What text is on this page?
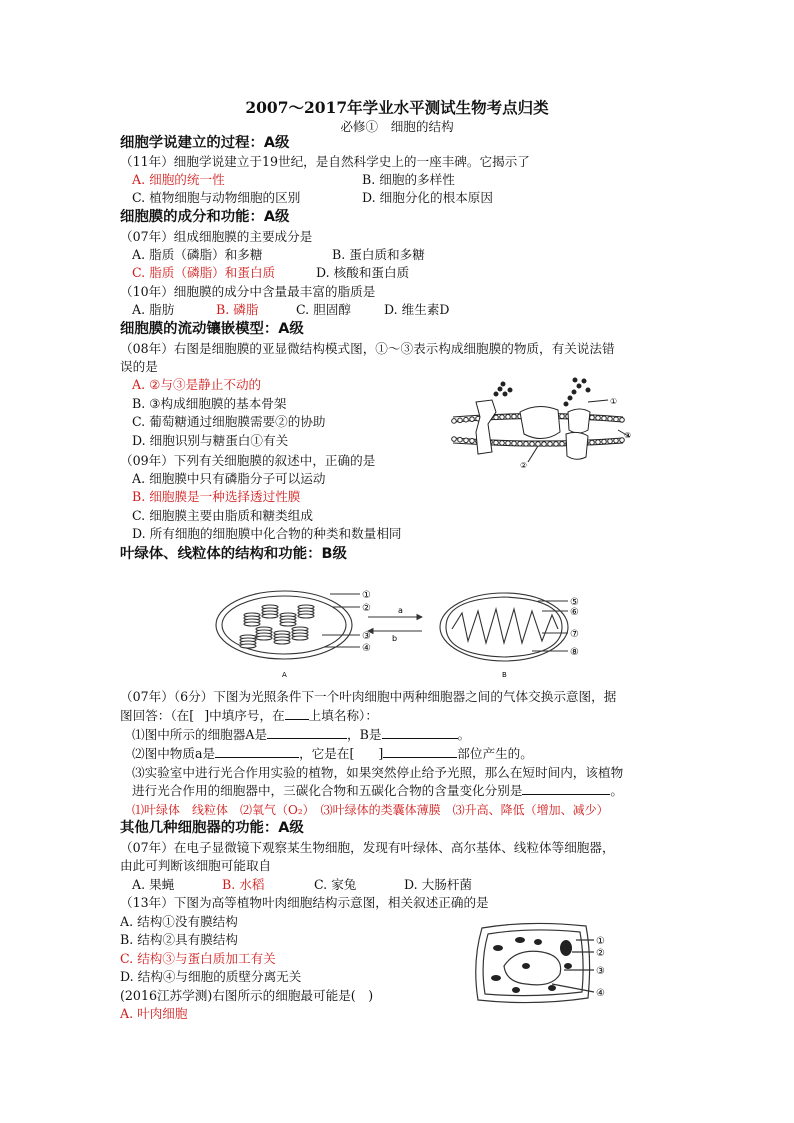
2007～2017年学业水平测试生物考点归类
必修①　细胞的结构
细胞学说建立的过程：A级
（11年）细胞学说建立于19世纪，是自然科学史上的一座丰碑。它揭示了
A. 细胞的统一性	B. 细胞的多样性
C. 植物细胞与动物细胞的区别	D. 细胞分化的根本原因
细胞膜的成分和功能：A级
（07年）组成细胞膜的主要成分是
A. 脂质（磷脂）和多糖	B. 蛋白质和多糖
C. 脂质（磷脂）和蛋白质	D. 核酸和蛋白质
（10年）细胞膜的成分中含量最丰富的脂质是
A. 脂肪	B. 磷脂	C. 胆固醇	D. 维生素D
细胞膜的流动镶嵌模型：A级
（08年）右图是细胞膜的亚显微结构模式图，①～③表示构成细胞膜的物质，有关说法错
误的是
A. ②与③是静止不动的
B. ③构成细胞膜的基本骨架
C. 葡萄糖通过细胞膜需要②的协助
D. 细胞识别与糖蛋白①有关
（09年）下列有关细胞膜的叙述中，正确的是
A. 细胞膜中只有磷脂分子可以运动
B. 细胞膜是一种选择透过性膜
C. 细胞膜主要由脂质和糖类组成
D. 所有细胞的细胞膜中化合物的种类和数量相同
①
③
②
叶绿体、线粒体的结构和功能：B级
①
②
③
④
⑤
⑥
⑦
⑧
a
b
A	B
（07年）（6分）下图为光照条件下一个叶肉细胞中两种细胞器之间的气体交换示意图，据
图回答：（在[ ]中填序号，在 上填名称）：
⑴图中所示的细胞器A是	，B是	。
⑵图中物质a是	，它是在[ ]	部位产生的。
⑶实验室中进行光合作用实验的植物，如果突然停止给予光照，那么在短时间内，该植物
进行光合作用的细胞器中，三碳化合物和五碳化合物的含量变化分别是	。
⑴叶绿体　线粒体　⑵氧气（O₂）　⑶叶绿体的类囊体薄膜　⑶升高、降低（增加、减少）
其他几种细胞器的功能：A级
（07年）在电子显微镜下观察某生物细胞，发现有叶绿体、高尔基体、线粒体等细胞器，
由此可判断该细胞可能取自
A. 果蝇	B. 水稻	C. 家兔	D. 大肠杆菌
（13年）下图为高等植物叶肉细胞结构示意图，相关叙述正确的是
A. 结构①没有膜结构
B. 结构②具有膜结构
C. 结构③与蛋白质加工有关
D. 结构④与细胞的质壁分离无关
(2016江苏学测)右图所示的细胞最可能是(　)
A. 叶肉细胞
①
②
③
④
